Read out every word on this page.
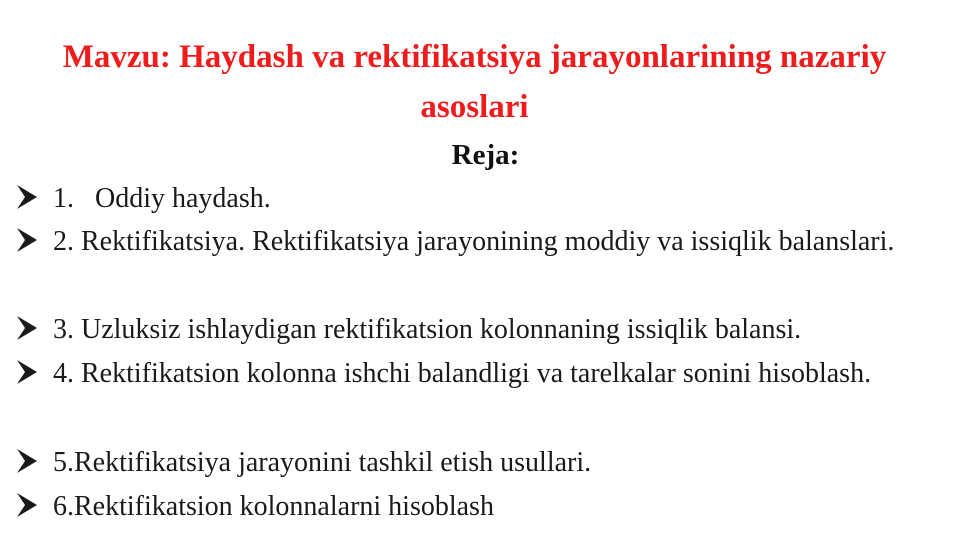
Mavzu: Haydash va rektifikatsiya jarayonlarining nazariy
asoslari
Reja:
1.   Oddiy haydash.
2. Rektifikatsiya. Rektifikatsiya jarayonining moddiy va issiqlik balanslari.
3. Uzluksiz ishlaydigan rektifikatsion kolonnaning issiqlik balansi.
4. Rektifikatsion kolonna ishchi balandligi va tarelkalar sonini hisoblash.
5.Rektifikatsiya jarayonini tashkil etish usullari.
6.Rektifikatsion kolonnalarni hisoblash
